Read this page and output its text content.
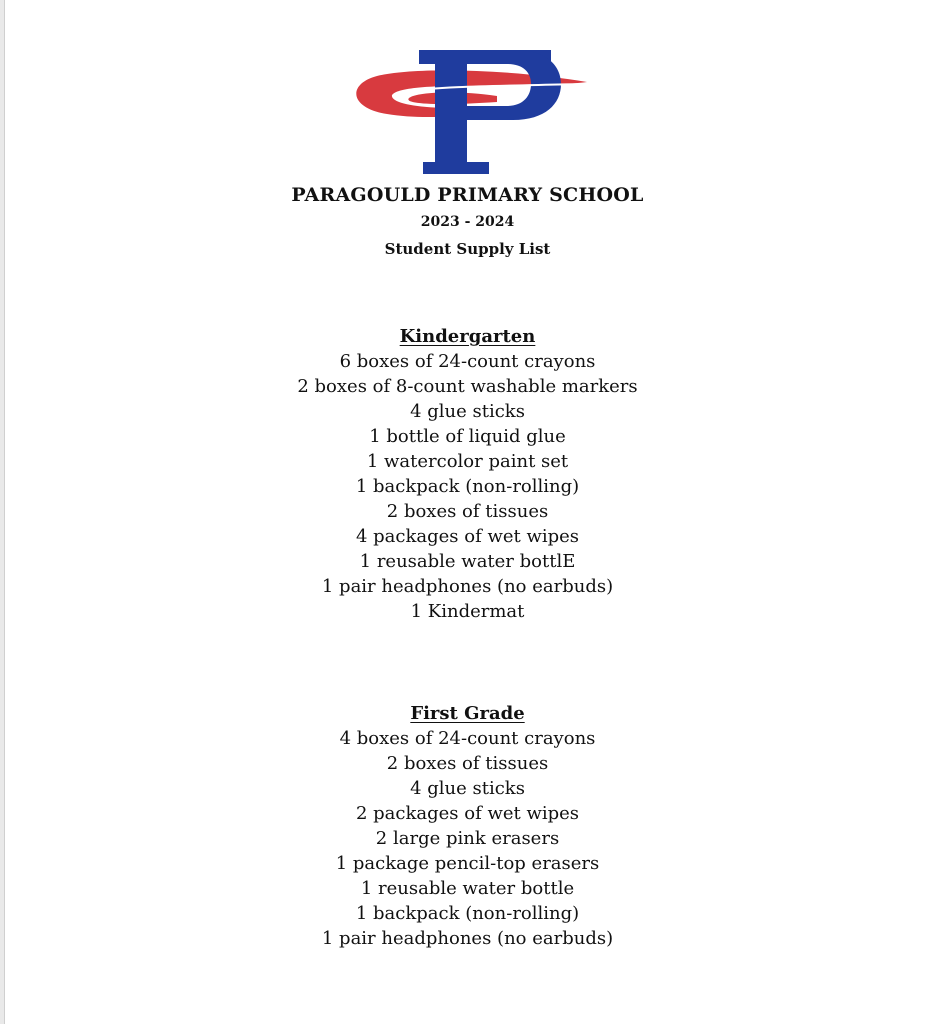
PARAGOULD PRIMARY SCHOOL
2023 - 2024
Student Supply List
Kindergarten
6 boxes of 24-count crayons
2 boxes of 8-count washable markers
4 glue sticks
1 bottle of liquid glue
1 watercolor paint set
1 backpack (non-rolling)
2 boxes of tissues
4 packages of wet wipes
1 reusable water bottlE
1 pair headphones (no earbuds)
1 Kindermat
First Grade
4 boxes of 24-count crayons
2 boxes of tissues
4 glue sticks
2 packages of wet wipes
2 large pink erasers
1 package pencil-top erasers
1 reusable water bottle
1 backpack (non-rolling)
1 pair headphones (no earbuds)
